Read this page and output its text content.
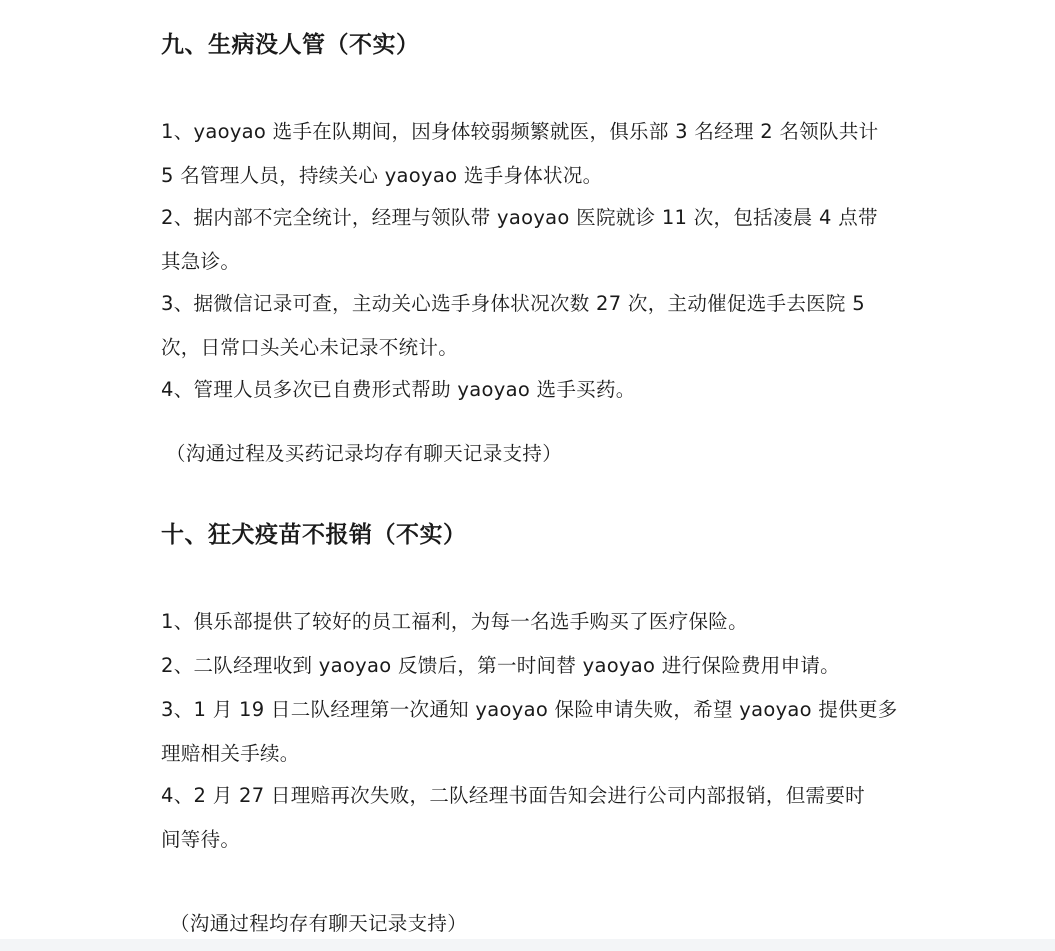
九、生病没人管（不实）

1、yaoyao 选手在队期间，因身体较弱频繁就医，俱乐部 3 名经理 2 名领队共计
5 名管理人员，持续关心 yaoyao 选手身体状况。

2、据内部不完全统计，经理与领队带 yaoyao 医院就诊 11 次，包括凌晨 4 点带
其急诊。

3、据微信记录可查，主动关心选手身体状况次数 27 次，主动催促选手去医院 5
次，日常口头关心未记录不统计。

4、管理人员多次已自费形式帮助 yaoyao 选手买药。

（沟通过程及买药记录均存有聊天记录支持）

十、狂犬疫苗不报销（不实）

1、俱乐部提供了较好的员工福利，为每一名选手购买了医疗保险。

2、二队经理收到 yaoyao 反馈后，第一时间替 yaoyao 进行保险费用申请。

3、1 月 19 日二队经理第一次通知 yaoyao 保险申请失败，希望 yaoyao 提供更多
理赔相关手续。

4、2 月 27 日理赔再次失败，二队经理书面告知会进行公司内部报销，但需要时
间等待。

（沟通过程均存有聊天记录支持）
